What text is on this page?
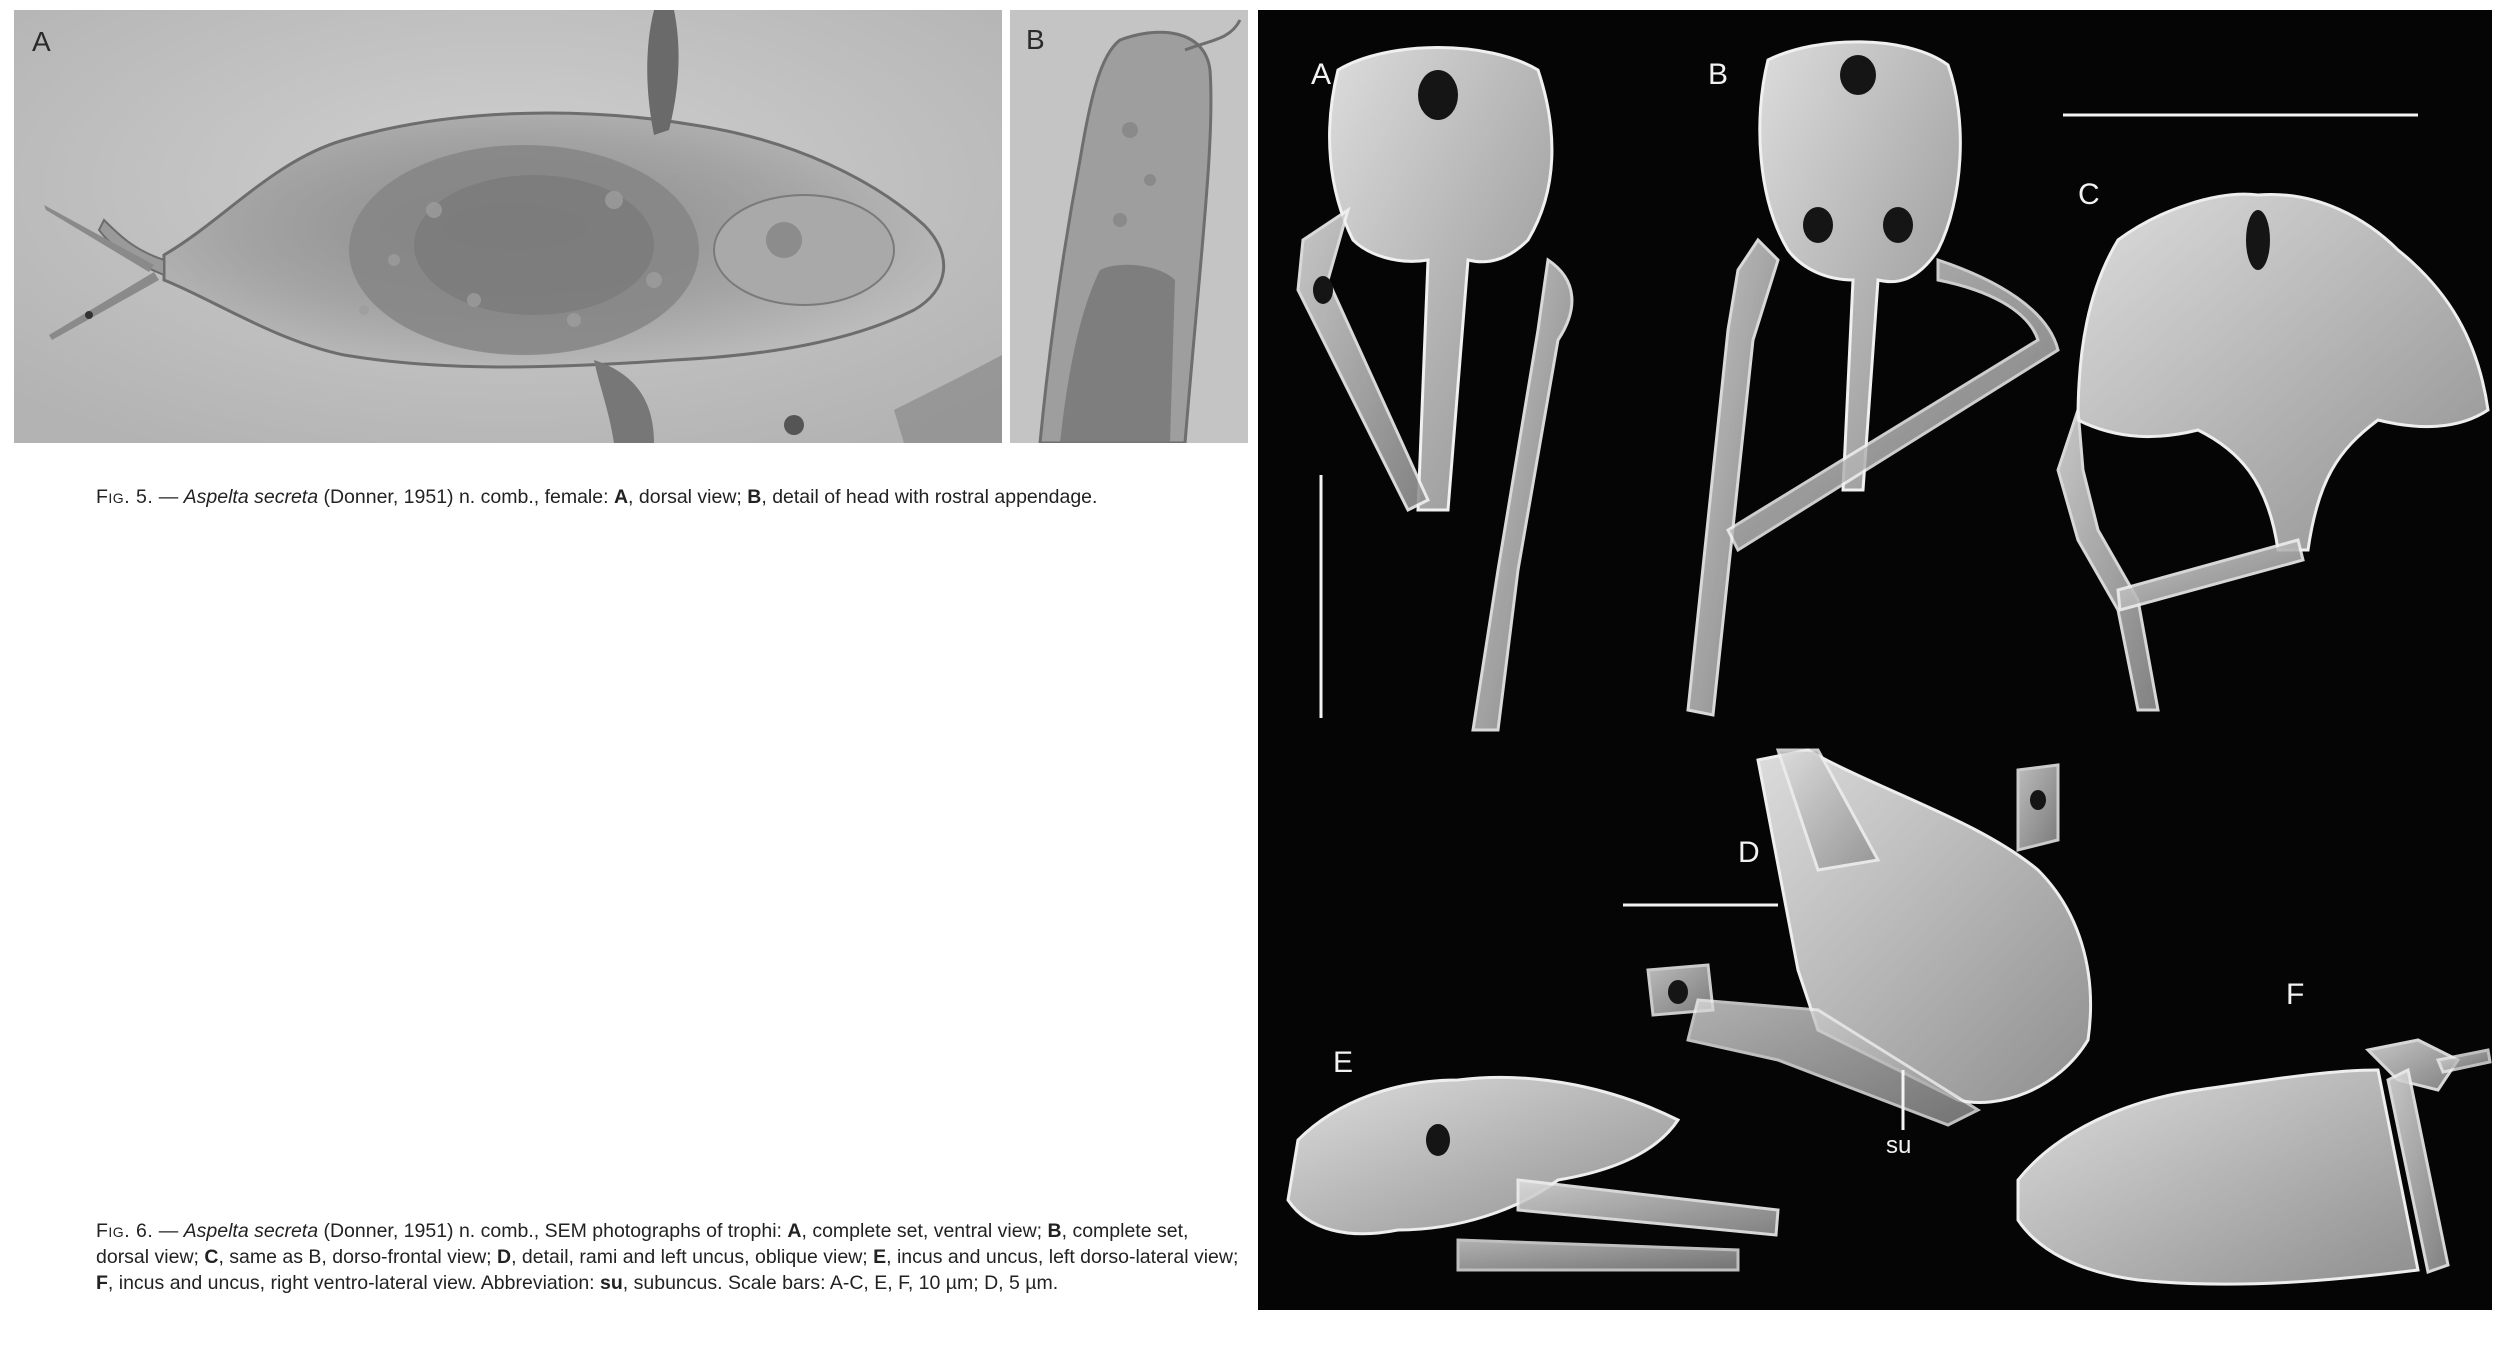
A	B
Fig. 5. — Aspelta secreta (Donner, 1951) n. comb., female: A, dorsal view; B, detail of head with rostral appendage.
A	B
C
D
E
F
su
Fig. 6. — Aspelta secreta (Donner, 1951) n. comb., SEM photographs of trophi: A, complete set, ventral view; B, complete set, dorsal view; C, same as B, dorso-frontal view; D, detail, rami and left uncus, oblique view; E, incus and uncus, left dorso-lateral view; F, incus and uncus, right ventro-lateral view. Abbreviation: su, subuncus. Scale bars: A-C, E, F, 10 µm; D, 5 µm.
